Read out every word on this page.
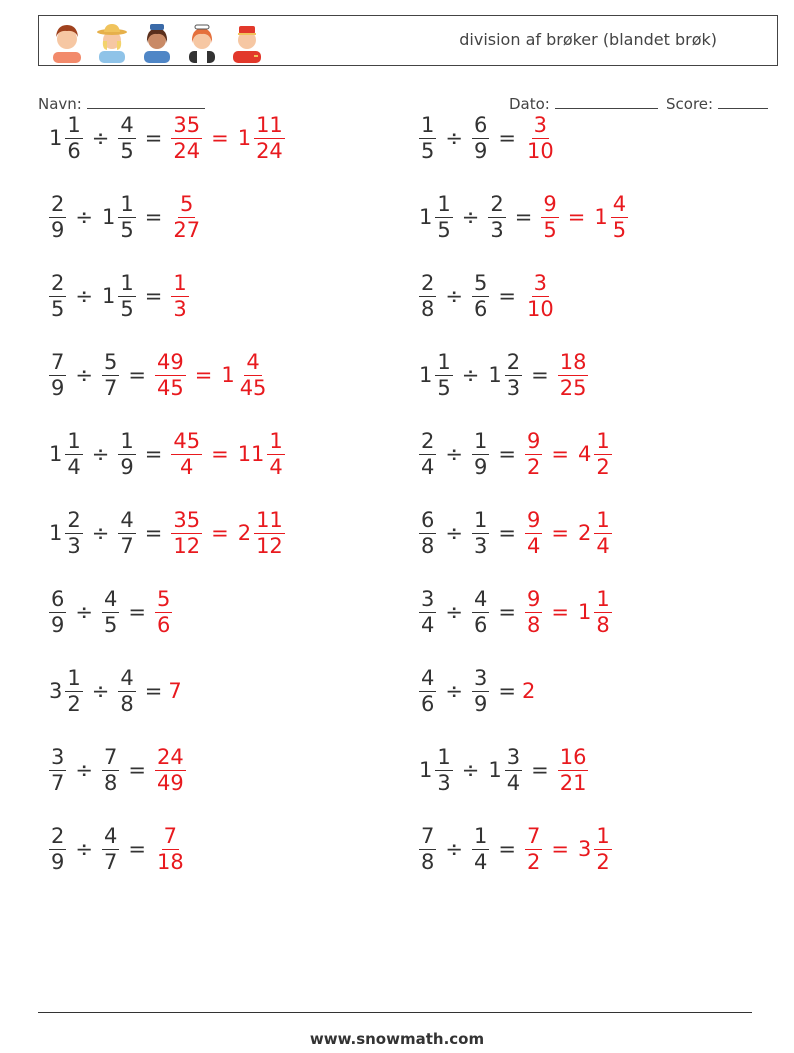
division af brøker (blandet brøk)
Navn:	Dato:	Score:
$1 \frac{1}{6} \div \frac{4}{5} = \frac{35}{24} = 1 \frac{11}{24}$	$\frac{1}{5} \div \frac{6}{9} = \frac{3}{10}$
$\frac{2}{9} \div 1 \frac{1}{5} = \frac{5}{27}$	$1 \frac{1}{5} \div \frac{2}{3} = \frac{9}{5} = 1 \frac{4}{5}$
$\frac{2}{5} \div 1 \frac{1}{5} = \frac{1}{3}$	$\frac{2}{8} \div \frac{5}{6} = \frac{3}{10}$
$\frac{7}{9} \div \frac{5}{7} = \frac{49}{45} = 1 \frac{4}{45}$	$1 \frac{1}{5} \div 1 \frac{2}{3} = \frac{18}{25}$
$1 \frac{1}{4} \div \frac{1}{9} = \frac{45}{4} = 11 \frac{1}{4}$	$\frac{2}{4} \div \frac{1}{9} = \frac{9}{2} = 4 \frac{1}{2}$
$1 \frac{2}{3} \div \frac{4}{7} = \frac{35}{12} = 2 \frac{11}{12}$	$\frac{6}{8} \div \frac{1}{3} = \frac{9}{4} = 2 \frac{1}{4}$
$\frac{6}{9} \div \frac{4}{5} = \frac{5}{6}$	$\frac{3}{4} \div \frac{4}{6} = \frac{9}{8} = 1 \frac{1}{8}$
$3 \frac{1}{2} \div \frac{4}{8} = 7$	$\frac{4}{6} \div \frac{3}{9} = 2$
$\frac{3}{7} \div \frac{7}{8} = \frac{24}{49}$	$1 \frac{1}{3} \div 1 \frac{3}{4} = \frac{16}{21}$
$\frac{2}{9} \div \frac{4}{7} = \frac{7}{18}$	$\frac{7}{8} \div \frac{1}{4} = \frac{7}{2} = 3 \frac{1}{2}$
www.snowmath.com
